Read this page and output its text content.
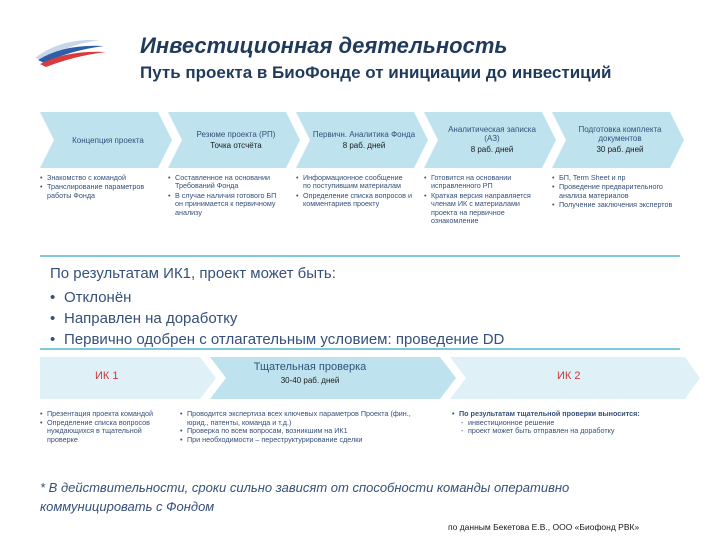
Инвестиционная деятельность
Путь проекта в БиоФонде от инициации до инвестиций
Концепция проекта
Резюме проекта (РП)
Точка отсчёта
Первичн. Аналитика Фонда
8 раб. дней
Аналитическая записка (АЗ)
8 раб. дней
Подготовка комплекта документов
30 раб. дней
• Знакомство с командой
• Транслирование параметров работы Фонда
• Составленное на основании Требований Фонда
• В случае наличия готового БП он принимается к первичному анализу
• Информационное сообщение по поступившим материалам
• Определение списка вопросов и комментариев проекту
• Готовится на основании исправленного РП
• Краткая версия направляется членам ИК с материалами проекта на первичное ознакомление
• БП, Term Sheet и пр
• Проведение предварительного анализа материалов
• Получение заключения экспертов
По результатам ИК1, проект может быть:
• Отклонён
• Направлен на доработку
• Первично одобрен с отлагательным условием: проведение DD
ИК 1
Тщательная проверка
30-40 раб. дней	ИК 2
• Презентация проекта командой
• Определение списка вопросов нуждающихся в тщательной проверке
• Проводится экспертиза всех ключевых параметров Проекта (фин., юрид., патенты, команда и т.д.)
• Проверка по всем вопросам, возникшим на ИК1
• При необходимости – переструктурирование сделки
• По результатам тщательной проверки выносится:
- инвестиционное решение
- проект может быть отправлен на доработку
* В действительности, сроки сильно зависят от способности команды оперативно коммуницировать с Фондом
по данным Бекетова Е.В., ООО «Биофонд РВК»
